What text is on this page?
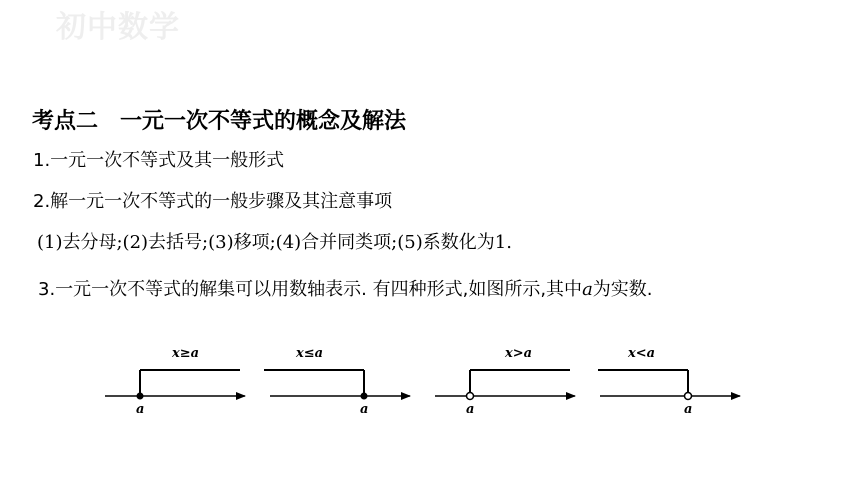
初中数学
考点二　一元一次不等式的概念及解法
1.一元一次不等式及其一般形式
2.解一元一次不等式的一般步骤及其注意事项
(1)去分母;(2)去括号;(3)移项;(4)合并同类项;(5)系数化为1.
3.一元一次不等式的解集可以用数轴表示. 有四种形式,如图所示,其中a为实数.
x≥a
a
x≤a
a
x>a
a
x<a
a
